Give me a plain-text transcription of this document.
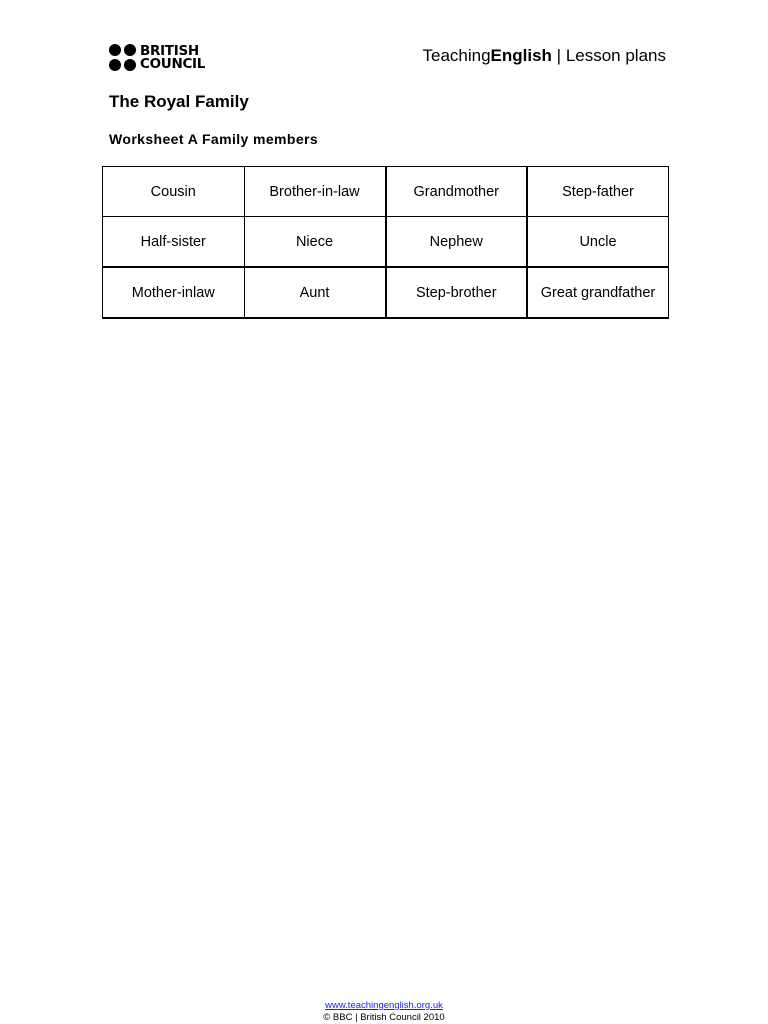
BRITISH
COUNCIL	TeachingEnglish | Lesson plans
The Royal Family
Worksheet A Family members
Cousin	Brother-in-law	Grandmother	Step-father
Half-sister	Niece	Nephew	Uncle
Mother-inlaw	Aunt	Step-brother	Great grandfather
www.teachingenglish.org.uk
© BBC | British Council 2010
